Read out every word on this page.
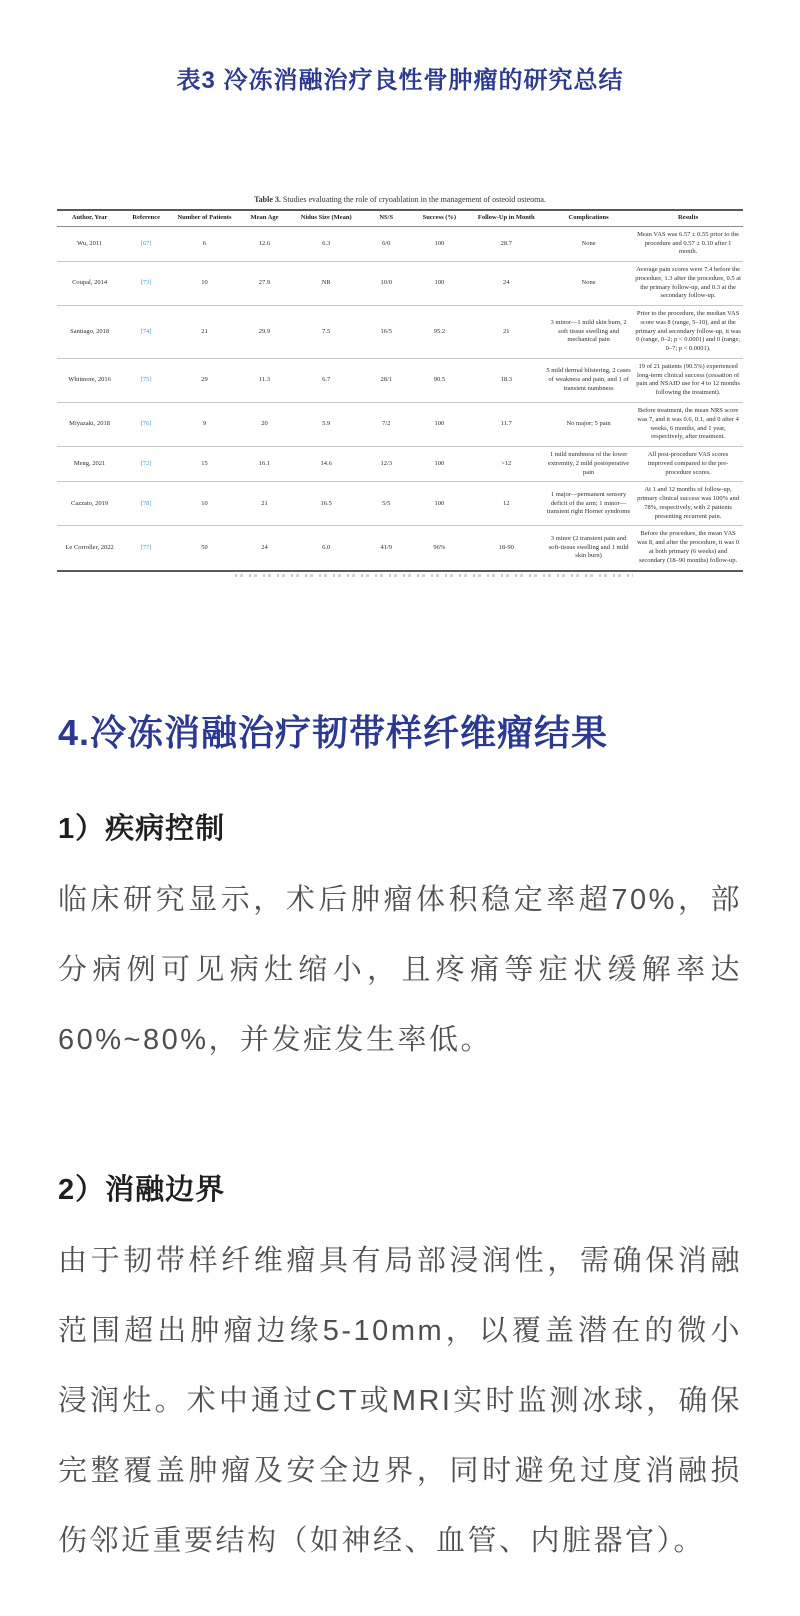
表3 冷冻消融治疗良性骨肿瘤的研究总结
Table 3. Studies evaluating the role of cryoablation in the management of osteoid osteoma.
Author, Year	Reference	Number of Patients	Mean Age	Nidus Size (Mean)	NS/S	Success (%)	Follow-Up in Month	Complications	Results
Wu, 2011	[67]	6	12.6	6.3	6/0	100	28.7	None	Mean VAS was 6.57 ± 0.55 prior to the procedure and 0.57 ± 0.10 after 1 month.
Coupal, 2014	[73]	10	27.9	NR	10/0	100	24	None	Average pain scores were 7.4 before the procedure, 1.3 after the procedure, 0.5 at the primary follow-up, and 0.3 at the secondary follow-up.
Santiago, 2018	[74]	21	29.9	7.5	16/5	95.2	21	3 minor—1 mild skin burn, 2 soft tissue swelling and mechanical pain	Prior to the procedure, the median VAS score was 8 (range, 5–10), and at the primary and secondary follow-up, it was 0 (range, 0–2; p < 0.0001) and 0 (range, 0–7; p < 0.0001).
Whitmore, 2016	[75]	29	11.3	6.7	28/1	90.5	18.3	5 mild dermal blistering, 2 cases of weakness and pain, and 1 of transient numbness	19 of 21 patients (90.5%) experienced long-term clinical success (cessation of pain and NSAID use for 4 to 12 months following the treatment).
Miyazaki, 2018	[76]	9	20	5.9	7/2	100	11.7	No major; 5 pain	Before treatment, the mean NRS score was 7, and it was 0.6, 0.1, and 0 after 4 weeks, 6 months, and 1 year, respectively, after treatment.
Meng, 2021	[72]	15	16.1	14.6	12/3	100	>12	1 mild numbness of the lower extremity, 2 mild postoperative pain	All post-procedure VAS scores improved compared to the pre-procedure scores.
Cazzato, 2019	[78]	10	21	16.5	5/5	100	12	1 major—permanent sensory deficit of the arm; 1 minor—transient right Horner syndrome	At 1 and 12 months of follow-up, primary clinical success was 100% and 78%, respectively, with 2 patients presenting recurrent pain.
Le Corroller, 2022	[77]	50	24	6.0	41/9	96%	18-90	3 minor (2 transient pain and soft-tissue swelling and 1 mild skin burn)	Before the procedure, the mean VAS was 8, and after the procedure, it was 0 at both primary (6 weeks) and secondary (18–90 months) follow-up.
4.冷冻消融治疗韧带样纤维瘤结果
1）疾病控制

临床研究显示，术后肿瘤体积稳定率超70%，部分病例可见病灶缩小，且疼痛等症状缓解率达60%~80%，并发症发生率低。

2）消融边界

由于韧带样纤维瘤具有局部浸润性，需确保消融范围超出肿瘤边缘5-10mm，以覆盖潜在的微小浸润灶。术中通过CT或MRI实时监测冰球，确保完整覆盖肿瘤及安全边界，同时避免过度消融损伤邻近重要结构（如神经、血管、内脏器官）。
